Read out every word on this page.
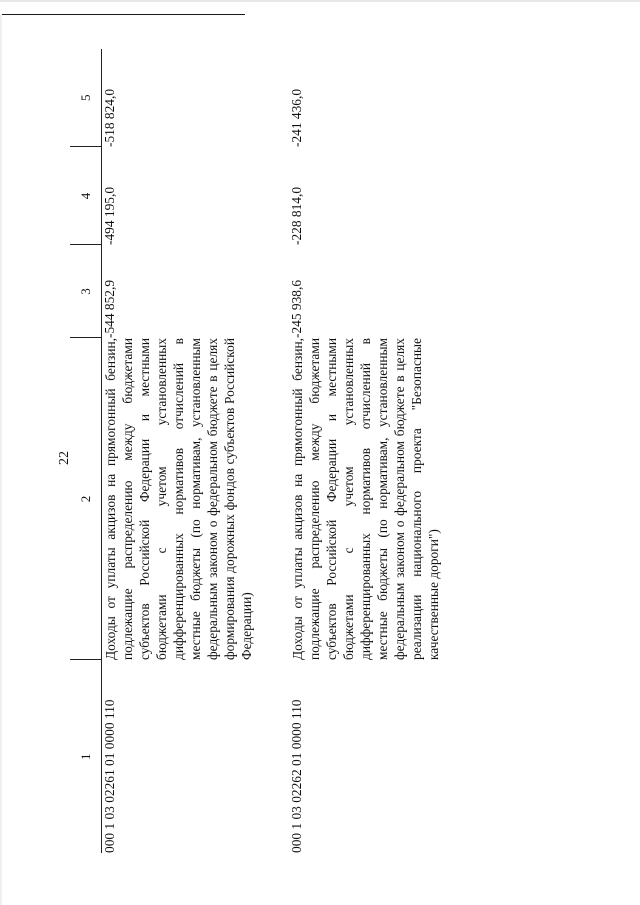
22
1	2	3	4	5
000 1 03 02261 01 0000 110	Доходы от уплаты акцизов на прямогонный бензин, подлежащие распределению между бюджетами субъектов Российской Федерации и местными бюджетами с учетом установленных дифференцированных нормативов отчислений в местные бюджеты (по нормативам, установленным федеральным законом о федеральном бюджете в целях формирования дорожных фондов субъектов Российской Федерации)	-544 852,9	-494 195,0	-518 824,0
000 1 03 02262 01 0000 110	Доходы от уплаты акцизов на прямогонный бензин, подлежащие распределению между бюджетами субъектов Российской Федерации и местными бюджетами с учетом установленных дифференцированных нормативов отчислений в местные бюджеты (по нормативам, установленным федеральным законом о федеральном бюджете в целях реализации национального проекта "Безопасные качественные дороги")	-245 938,6	-228 814,0	-241 436,0
